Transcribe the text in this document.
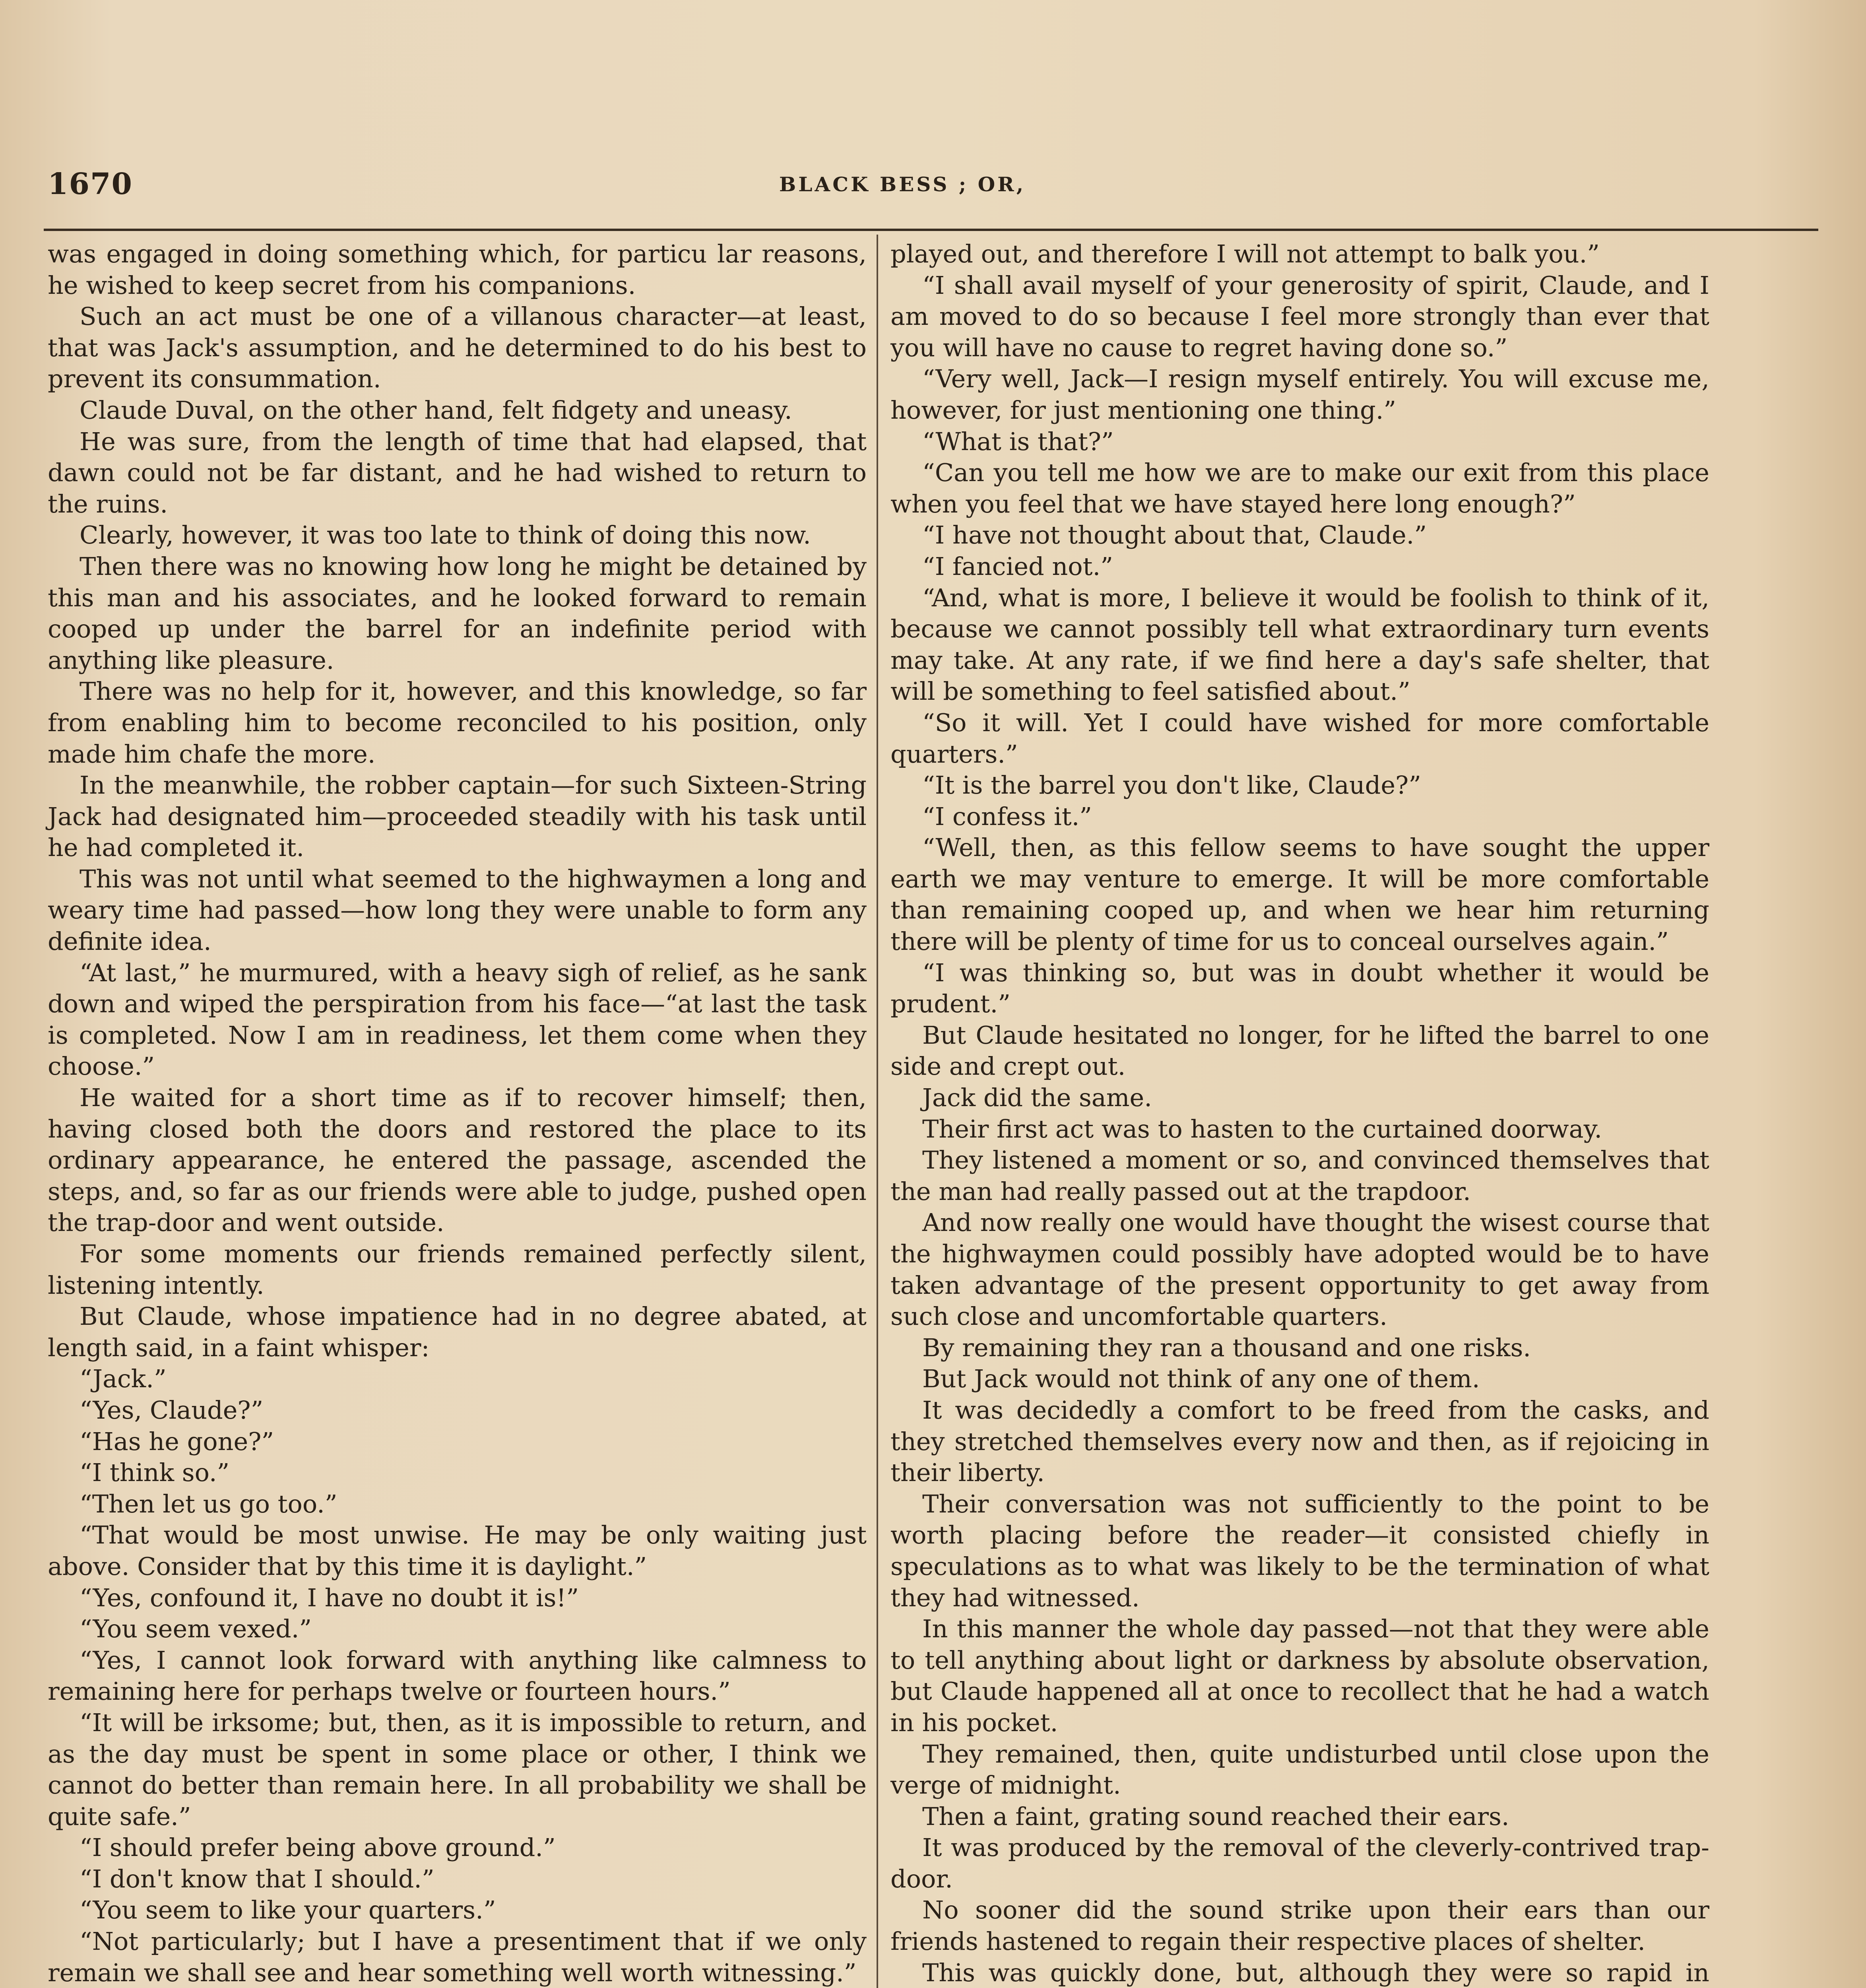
1670	BLACK BESS ; OR,

was engaged in doing something which, for particu lar reasons, he wished to keep secret from his companions.

Such an act must be one of a villanous character—at least, that was Jack's assumption, and he determined to do his best to prevent its consummation.

Claude Duval, on the other hand, felt fidgety and uneasy.

He was sure, from the length of time that had elapsed, that dawn could not be far distant, and he had wished to return to the ruins.

Clearly, however, it was too late to think of doing this now.

Then there was no knowing how long he might be detained by this man and his associates, and he looked forward to remain cooped up under the barrel for an indefinite period with anything like pleasure.

There was no help for it, however, and this knowledge, so far from enabling him to become reconciled to his position, only made him chafe the more.

In the meanwhile, the robber captain—for such Sixteen-String Jack had designated him—proceeded steadily with his task until he had completed it.

This was not until what seemed to the highwaymen a long and weary time had passed—how long they were unable to form any definite idea.

“At last,” he murmured, with a heavy sigh of relief, as he sank down and wiped the perspiration from his face—“at last the task is completed. Now I am in readiness, let them come when they choose.”

He waited for a short time as if to recover himself; then, having closed both the doors and restored the place to its ordinary appearance, he entered the passage, ascended the steps, and, so far as our friends were able to judge, pushed open the trap-door and went outside.

For some moments our friends remained perfectly silent, listening intently.

But Claude, whose impatience had in no degree abated, at length said, in a faint whisper:

“Jack.”

“Yes, Claude?”

“Has he gone?”

“I think so.”

“Then let us go too.”

“That would be most unwise. He may be only waiting just above. Consider that by this time it is daylight.”

“Yes, confound it, I have no doubt it is!”

“You seem vexed.”

“Yes, I cannot look forward with anything like calmness to remaining here for perhaps twelve or fourteen hours.”

“It will be irksome; but, then, as it is impossible to return, and as the day must be spent in some place or other, I think we cannot do better than remain here. In all probability we shall be quite safe.”

“I should prefer being above ground.”

“I don't know that I should.”

“You seem to like your quarters.”

“Not particularly; but I have a presentiment that if we only remain we shall see and hear something well worth witnessing.”

played out, and therefore I will not attempt to balk you.”

“I shall avail myself of your generosity of spirit, Claude, and I am moved to do so because I feel more strongly than ever that you will have no cause to regret having done so.”

“Very well, Jack—I resign myself entirely. You will excuse me, however, for just mentioning one thing.”

“What is that?”

“Can you tell me how we are to make our exit from this place when you feel that we have stayed here long enough?”

“I have not thought about that, Claude.”

“I fancied not.”

“And, what is more, I believe it would be foolish to think of it, because we cannot possibly tell what extraordinary turn events may take. At any rate, if we find here a day's safe shelter, that will be something to feel satisfied about.”

“So it will. Yet I could have wished for more comfortable quarters.”

“It is the barrel you don't like, Claude?”

“I confess it.”

“Well, then, as this fellow seems to have sought the upper earth we may venture to emerge. It will be more comfortable than remaining cooped up, and when we hear him returning there will be plenty of time for us to conceal ourselves again.”

“I was thinking so, but was in doubt whether it would be prudent.”

But Claude hesitated no longer, for he lifted the barrel to one side and crept out.

Jack did the same.

Their first act was to hasten to the curtained doorway.

They listened a moment or so, and convinced themselves that the man had really passed out at the trapdoor.

And now really one would have thought the wisest course that the highwaymen could possibly have adopted would be to have taken advantage of the present opportunity to get away from such close and uncomfortable quarters.

By remaining they ran a thousand and one risks.

But Jack would not think of any one of them.

It was decidedly a comfort to be freed from the casks, and they stretched themselves every now and then, as if rejoicing in their liberty.

Their conversation was not sufficiently to the point to be worth placing before the reader—it consisted chiefly in speculations as to what was likely to be the termination of what they had witnessed.

In this manner the whole day passed—not that they were able to tell anything about light or darkness by absolute observation, but Claude happened all at once to recollect that he had a watch in his pocket.

They remained, then, quite undisturbed until close upon the verge of midnight.

Then a faint, grating sound reached their ears.

It was produced by the removal of the cleverly-contrived trap-door.

No sooner did the sound strike upon their ears than our friends hastened to regain their respective places of shelter.

This was quickly done, but, although they were so rapid in
